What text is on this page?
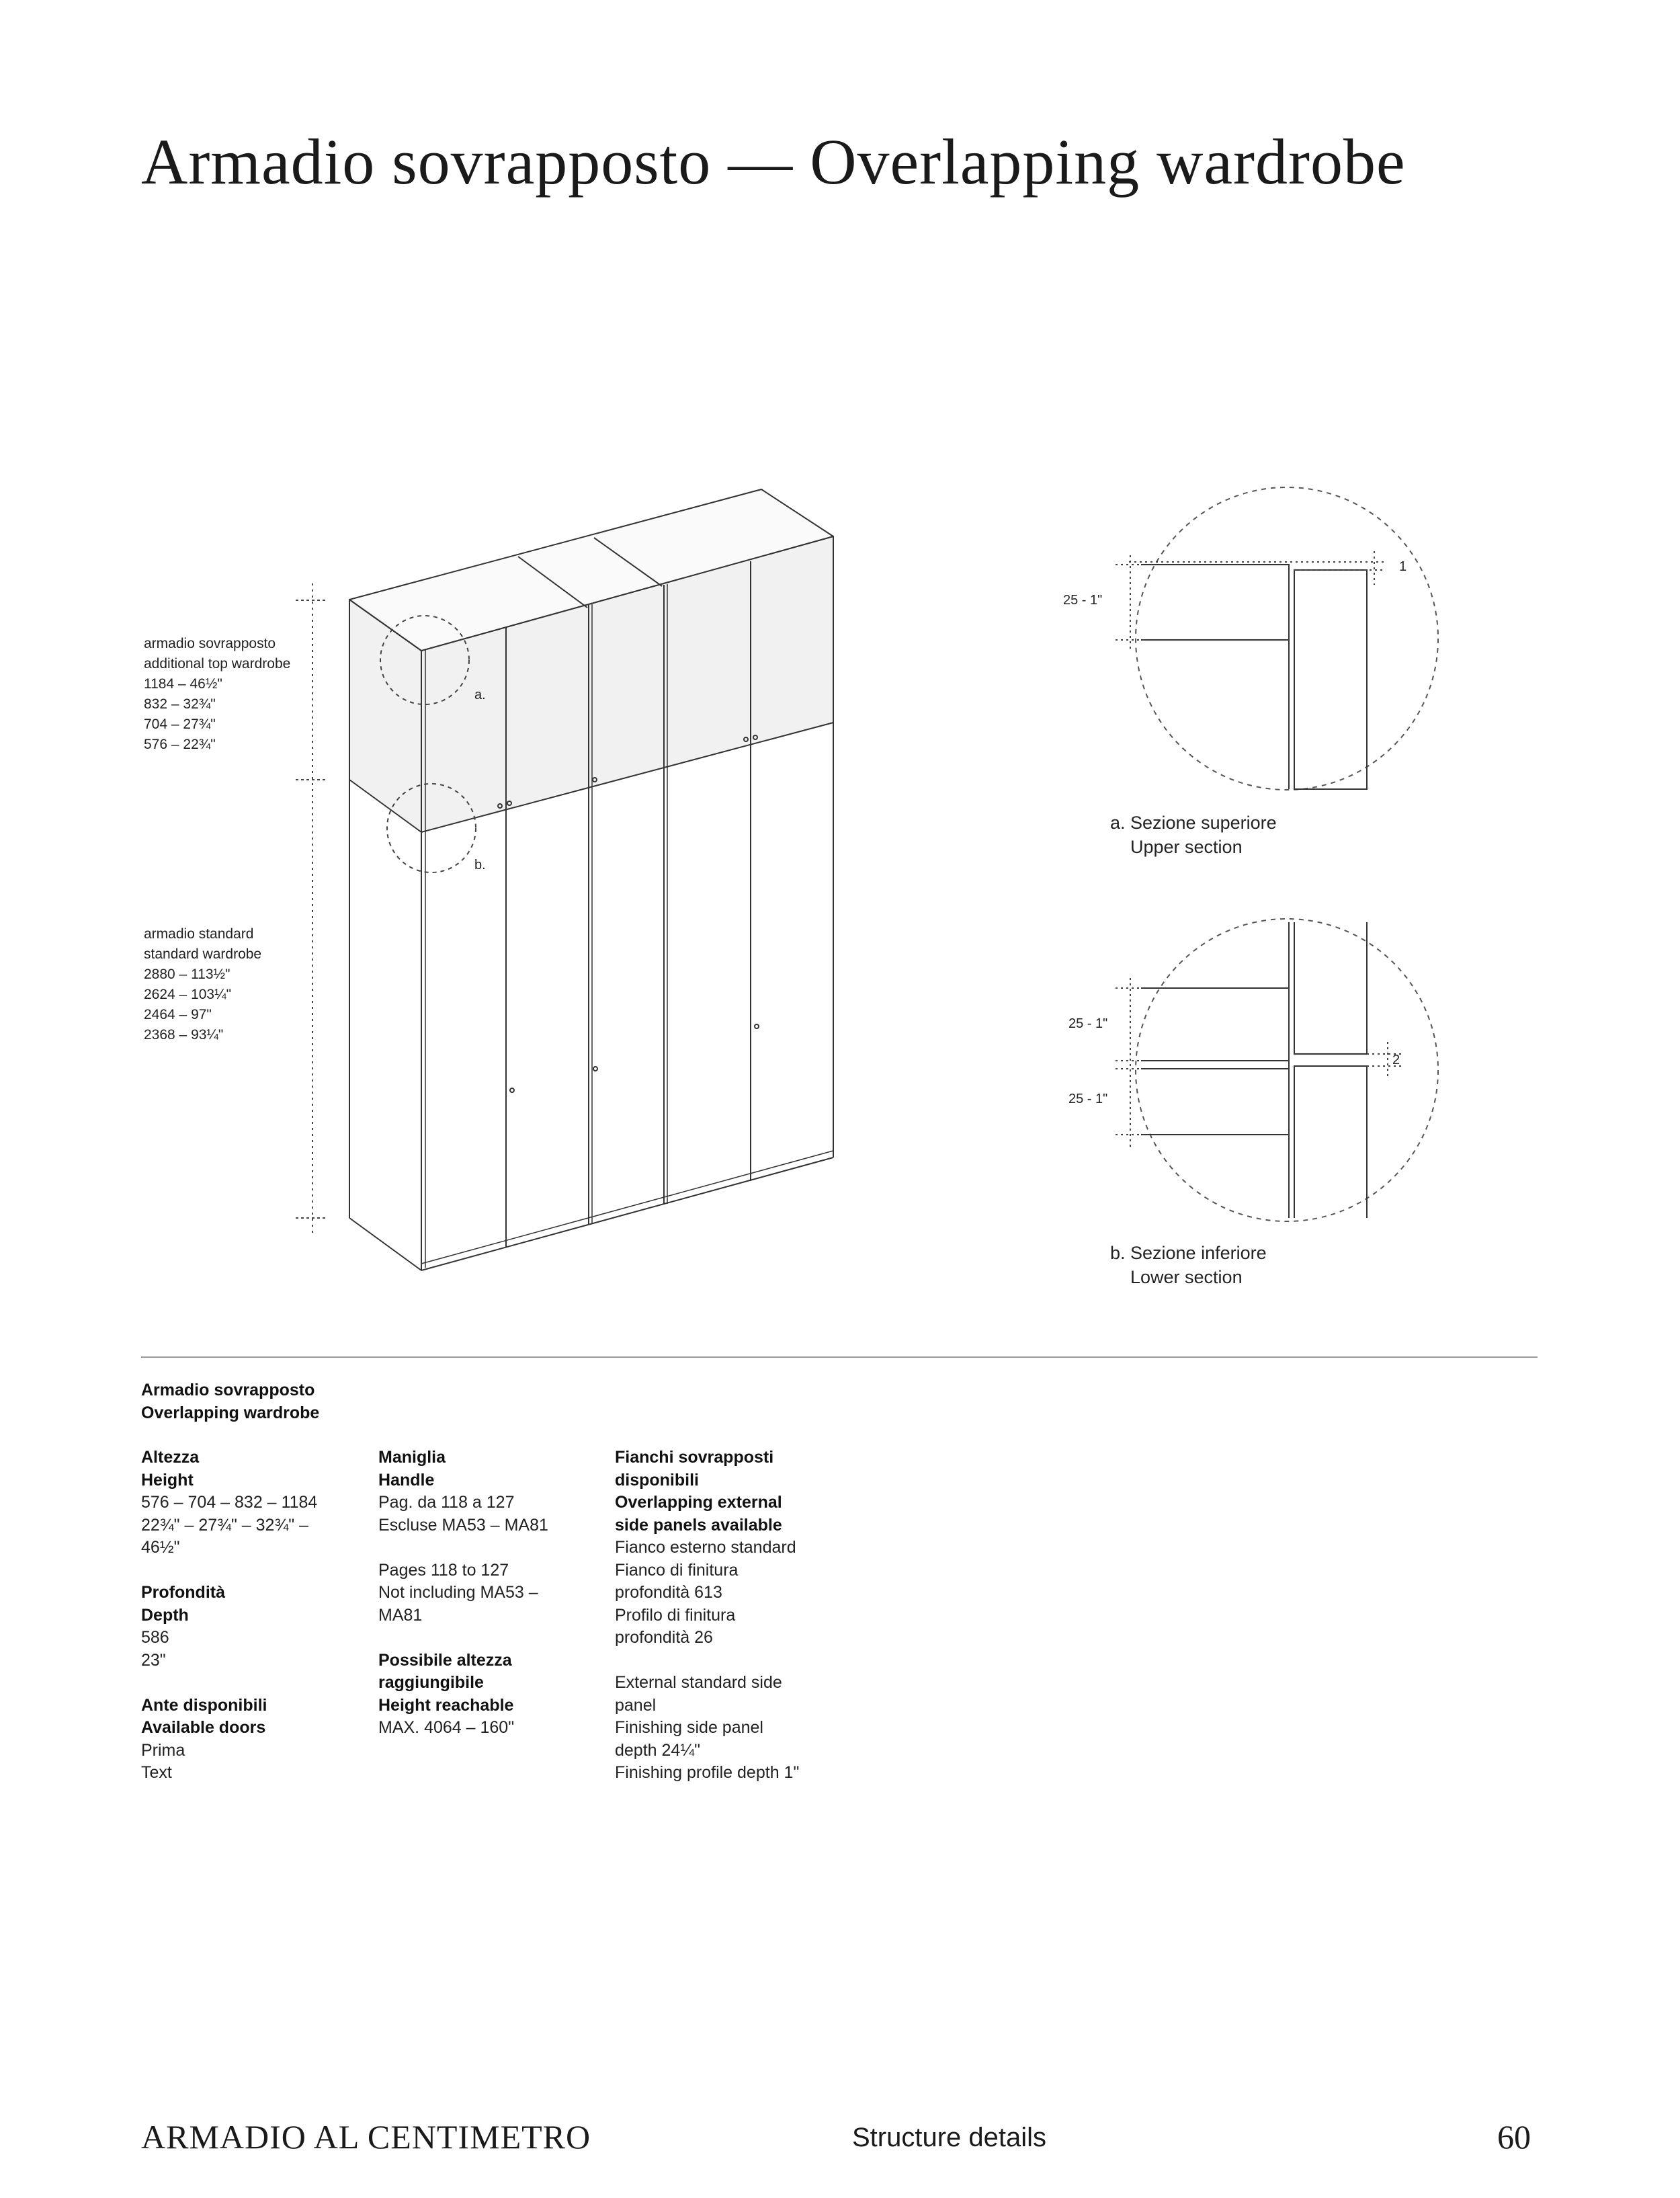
Armadio sovrapposto — Overlapping wardrobe
armadio sovrapposto
additional top wardrobe
1184 – 46½"
832 – 32¾"
704 – 27¾"
576 – 22¾"
armadio standard
standard wardrobe
2880 – 113½"
2624 – 103¼"
2464 – 97"
2368 – 93¼"
a.
b.
25 - 1"
1
a. Sezione superiore
Upper section
25 - 1"
25 - 1"
2
b. Sezione inferiore
Lower section
Armadio sovrapposto
Overlapping wardrobe
Altezza
Height
576 – 704 – 832 – 1184
22¾" – 27¾" – 32¾" –
46½"
Profondità
Depth
586
23"
Ante disponibili
Available doors
Prima
Text
Maniglia
Handle
Pag. da 118 a 127
Escluse MA53 – MA81
Pages 118 to 127
Not including MA53 –
MA81
Possibile altezza
raggiungibile
Height reachable
MAX. 4064 – 160"
Fianchi sovrapposti
disponibili
Overlapping external
side panels available
Fianco esterno standard
Fianco di finitura
profondità 613
Profilo di finitura
profondità 26
External standard side
panel
Finishing side panel
depth 24¼"
Finishing profile depth 1"
ARMADIO AL CENTIMETRO	Structure details	60
